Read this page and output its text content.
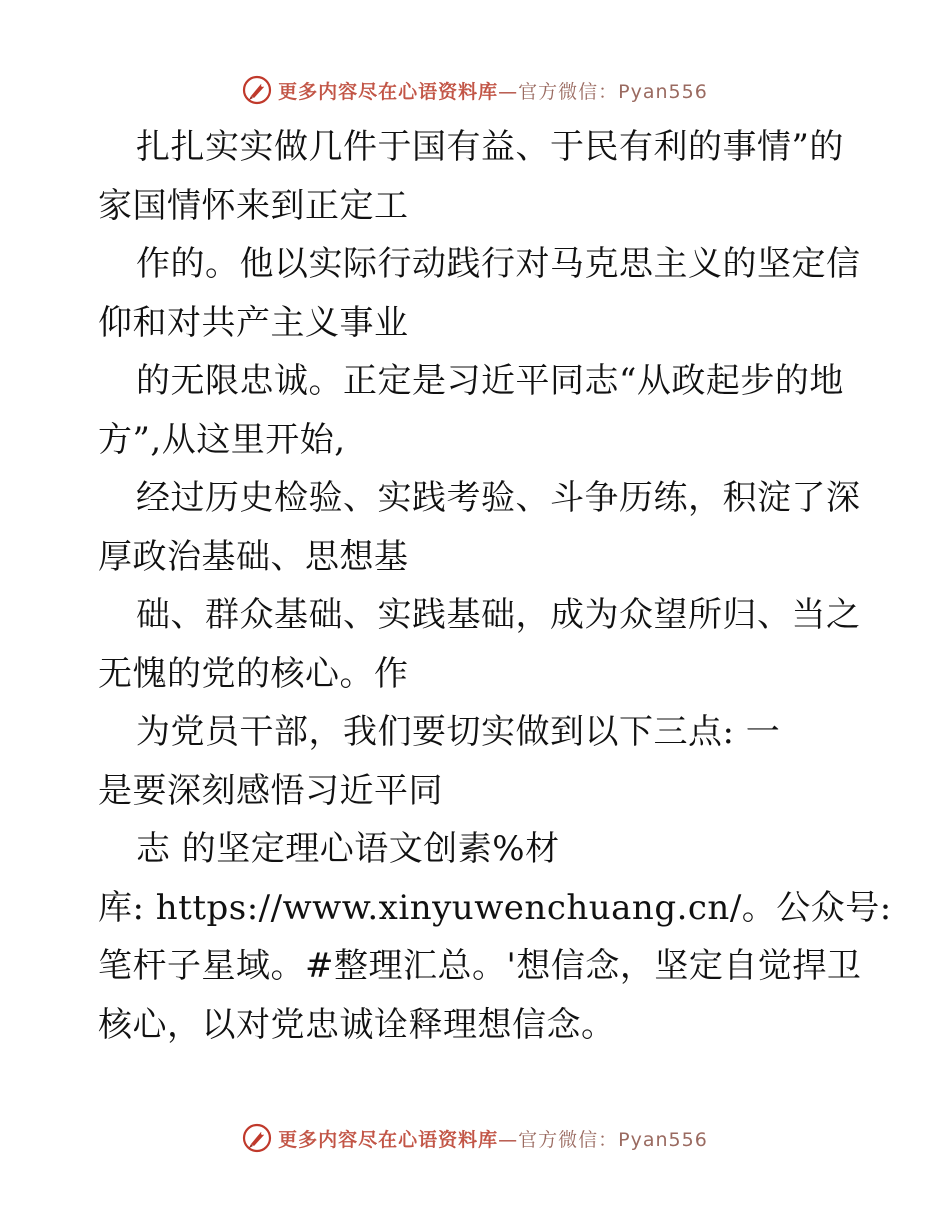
更多内容尽在心语资料库—官方微信：Pyan556
扎扎实实做几件于国有益、于民有利的事情”的
家国情怀来到正定工
作的。他以实际行动践行对马克思主义的坚定信
仰和对共产主义事业
的无限忠诚。正定是习近平同志“从政起步的地
方”,从这里开始,
经过历史检验、实践考验、斗争历练，积淀了深
厚政治基础、思想基
础、群众基础、实践基础，成为众望所归、当之
无愧的党的核心。作
为党员干部，我们要切实做到以下三点: 一
是要深刻感悟习近平同
志 的坚定理心语文创素%材
库: https://www.xinyuwenchuang.cn/。公众号:
笔杆子星域。#整理汇总。'想信念，坚定自觉捍卫
核心，以对党忠诚诠释理想信念。
更多内容尽在心语资料库—官方微信：Pyan556
